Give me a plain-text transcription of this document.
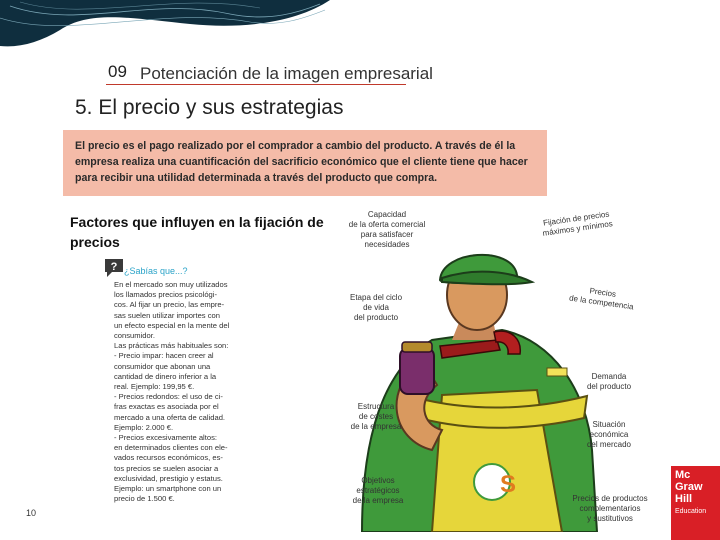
09 Potenciación de la imagen empresarial
5. El precio y sus estrategias
El precio es el pago realizado por el comprador a cambio del producto. A través de él la empresa realiza una cuantificación del sacrificio económico que el cliente tiene que hacer para recibir una utilidad determinada a través del producto que compra.
Factores que influyen en la fijación de precios
? ¿Sabías que...?
En el mercado son muy utilizados
los llamados precios psicológi-
cos. Al fijar un precio, las empre-
sas suelen utilizar importes con
un efecto especial en la mente del
consumidor.
Las prácticas más habituales son:
- Precio impar: hacen creer al
consumidor que abonan una
cantidad de dinero inferior a la
real. Ejemplo: 199,95 €.
- Precios redondos: el uso de ci-
fras exactas es asociada por el
mercado a una oferta de calidad.
Ejemplo: 2.000 €.
- Precios excesivamente altos:
en determinados clientes con ele-
vados recursos económicos, es-
tos precios se suelen asociar a
exclusividad, prestigio y estatus.
Ejemplo: un smartphone con un
precio de 1.500 €.
S
Capacidad
de la oferta comercial
para satisfacer
necesidades
Fijación de precios
máximos y mínimos
Etapa del ciclo
de vida
del producto
Precios
de la competencia
Demanda
del producto
Estructura
de costes
de la empresa	Situación
económica
del mercado
Objetivos
estratégicos
de la empresa	Precios de productos
complementarios
y sustitutivos
10
Mc
Graw
Hill
Education
